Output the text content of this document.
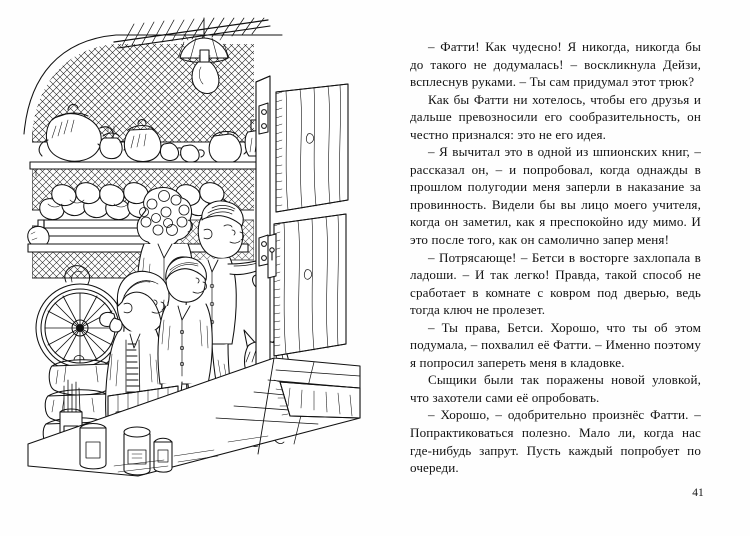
– Фатти! Как чудесно! Я никогда, никогда бы до такого не додумалась! – воскликнула Дейзи, всплеснув руками. – Ты сам придумал этот трюк?

Как бы Фатти ни хотелось, чтобы его друзья и дальше превозносили его сообразительность, он честно признался: это не его идея.

– Я вычитал это в одной из шпионских книг, – рассказал он, – и попробовал, когда однажды в прошлом полугодии меня заперли в наказание за провинность. Видели бы вы лицо моего учителя, когда он заметил, как я преспокойно иду мимо. И это после того, как он самолично запер меня!

– Потрясающе! – Бетси в восторге захлопала в ладоши. – И так легко! Правда, такой способ не сработает в комнате с ковром под дверью, ведь тогда ключ не пролезет.

– Ты права, Бетси. Хорошо, что ты об этом подумала, – похвалил её Фатти. – Именно поэтому я попросил запереть меня в кладовке.

Сыщики были так поражены новой уловкой, что захотели сами её опробовать.

– Хорошо, – одобрительно произнёс Фатти. – Попрактиковаться полезно. Мало ли, когда нас где-нибудь запрут. Пусть каждый попробует по очереди.

41
